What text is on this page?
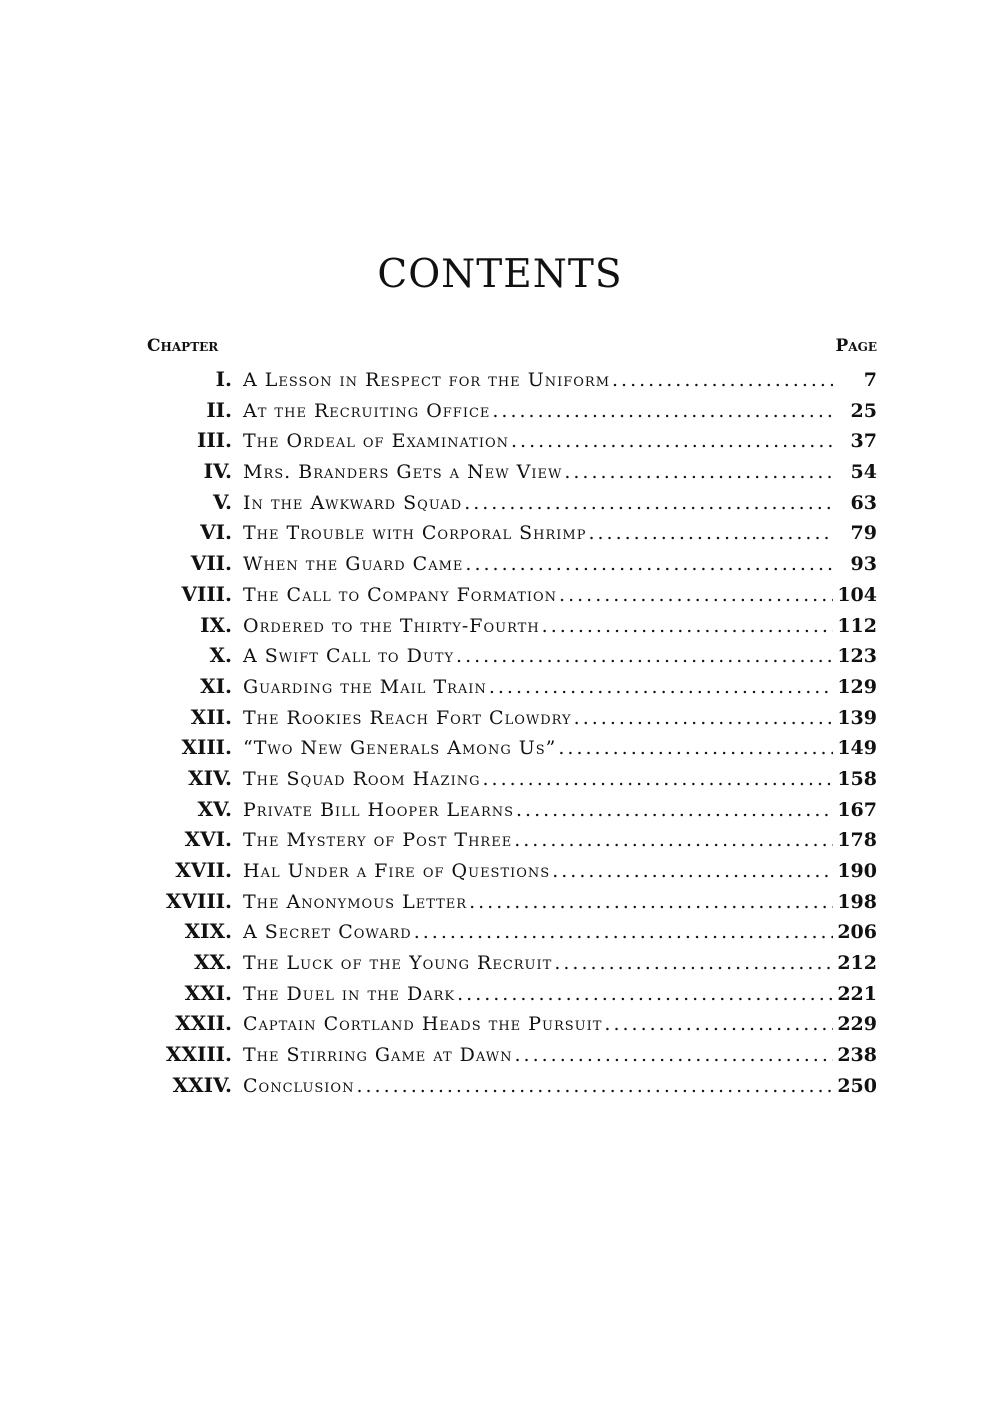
CONTENTS
Chapter	Page
I. A Lesson in Respect for the Uniform .....	7
II. At the Recruiting Office .....	25
III. The Ordeal of Examination .....	37
IV. Mrs. Branders Gets a New View .....	54
V. In the Awkward Squad .....	63
VI. The Trouble with Corporal Shrimp .....	79
VII. When the Guard Came .....	93
VIII. The Call to Company Formation .....	104
IX. Ordered to the Thirty-Fourth .....	112
X. A Swift Call to Duty .....	123
XI. Guarding the Mail Train .....	129
XII. The Rookies Reach Fort Clowdry .....	139
XIII. “Two New Generals Among Us” .....	149
XIV. The Squad Room Hazing .....	158
XV. Private Bill Hooper Learns .....	167
XVI. The Mystery of Post Three .....	178
XVII. Hal Under a Fire of Questions .....	190
XVIII. The Anonymous Letter .....	198
XIX. A Secret Coward .....	206
XX. The Luck of the Young Recruit .....	212
XXI. The Duel in the Dark .....	221
XXII. Captain Cortland Heads the Pursuit .....	229
XXIII. The Stirring Game at Dawn .....	238
XXIV. Conclusion .....	250
